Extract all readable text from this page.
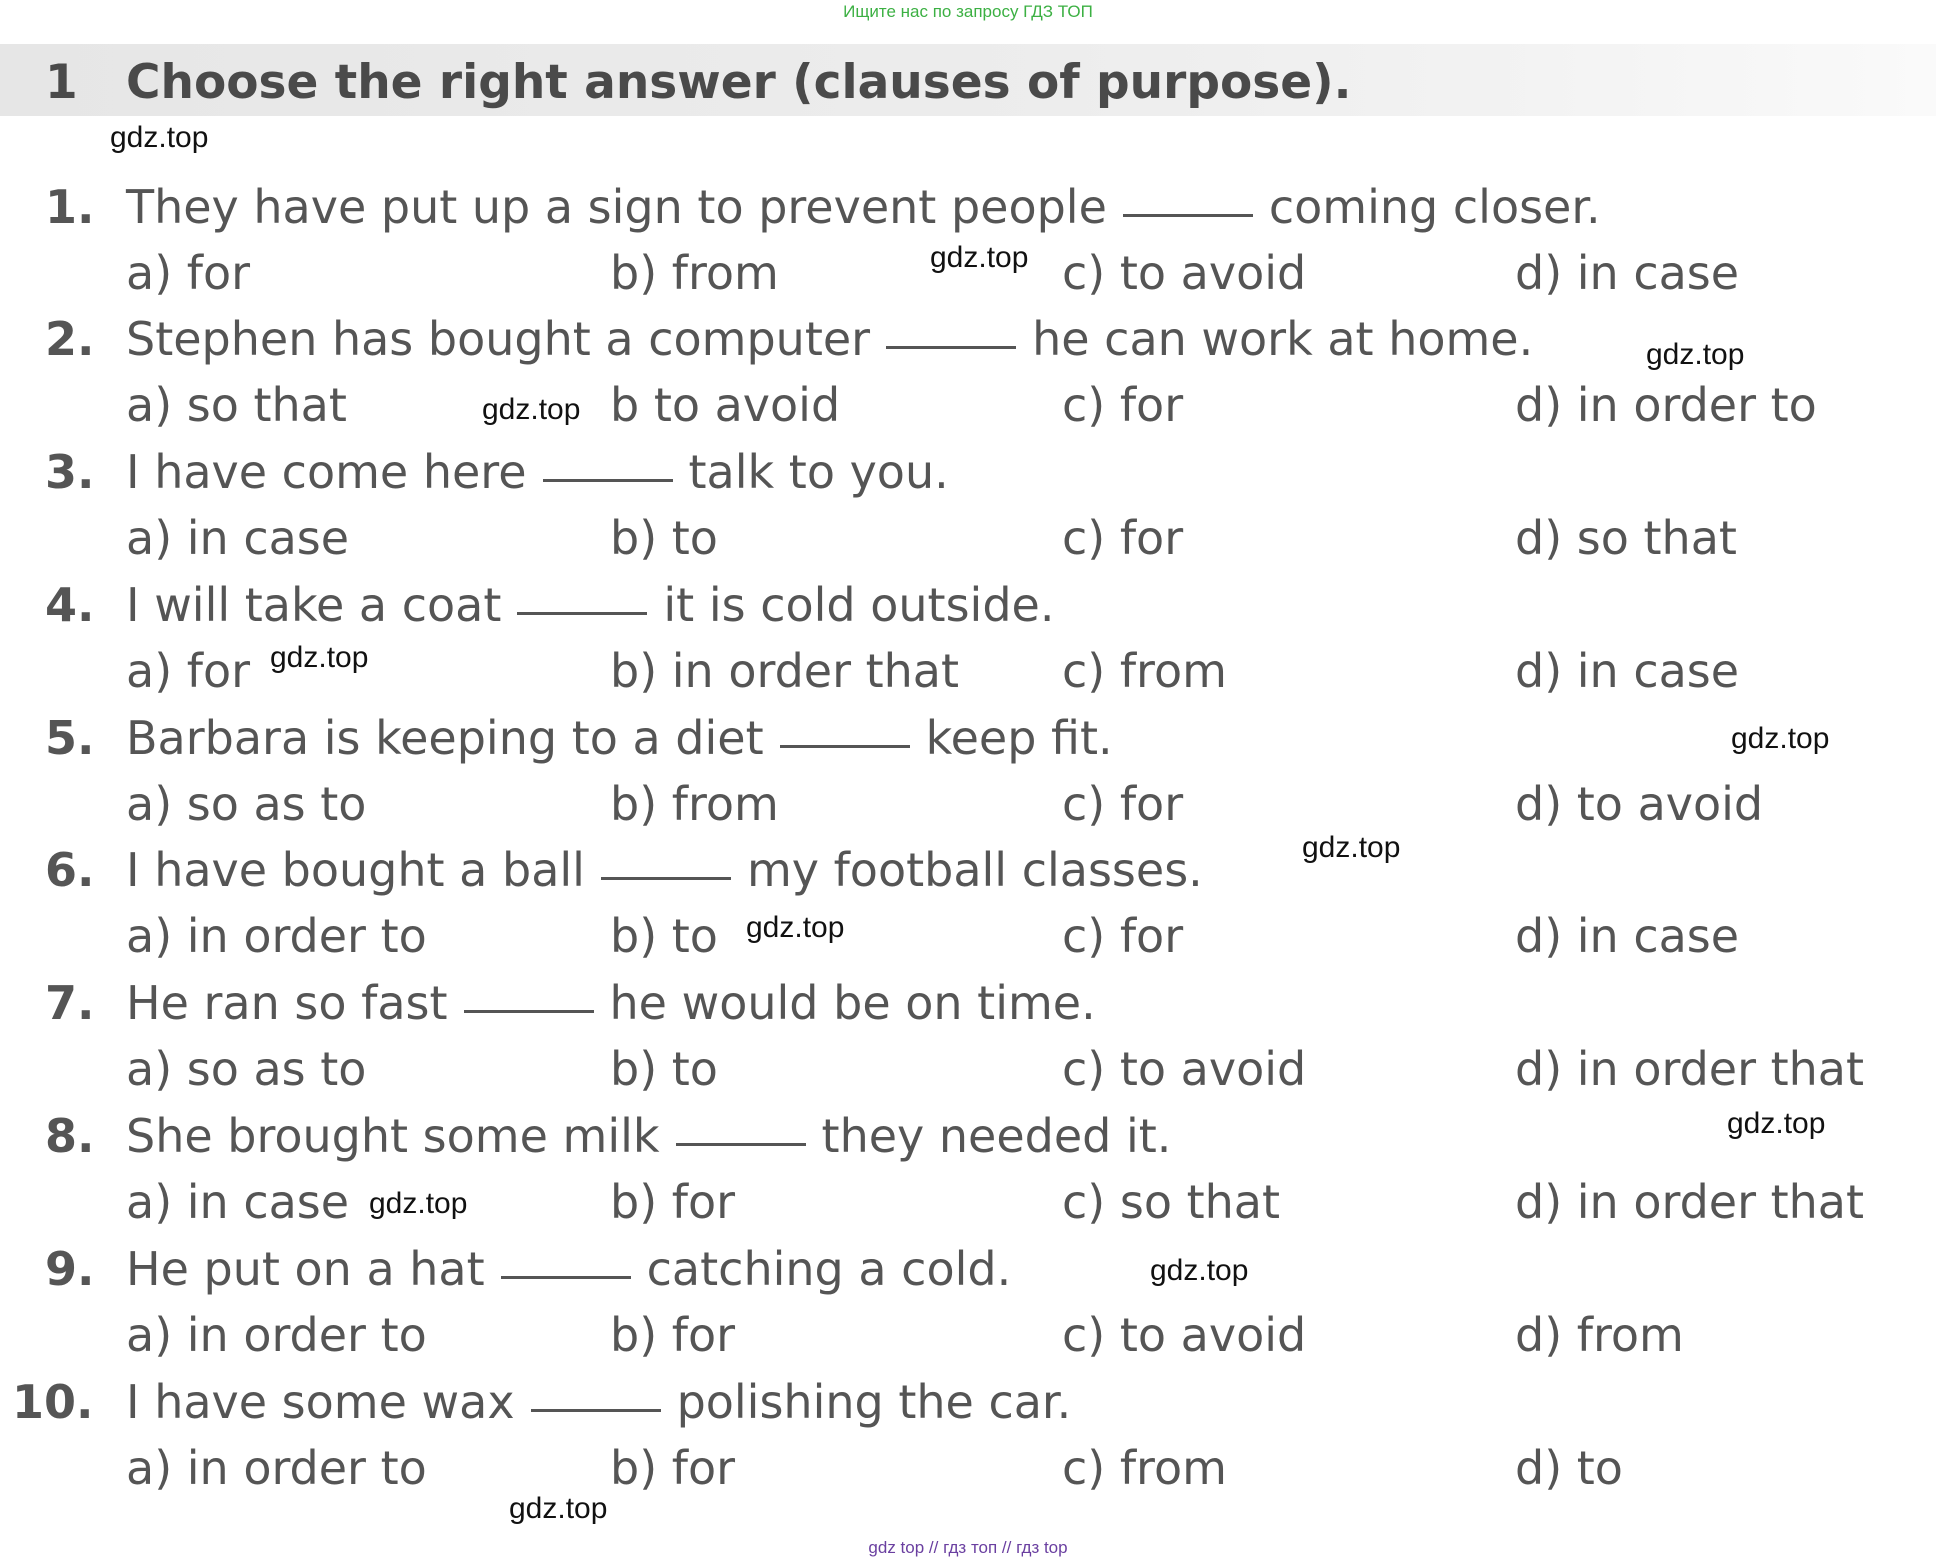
Ищите нас по запросу ГДЗ ТОП
1 Choose the right answer (clauses of purpose).
1. They have put up a sign to prevent people	coming closer.
a) for	b) from	c) to avoid	d) in case
2. Stephen has bought a computer	he can work at home.
a) so that	b to avoid	c) for	d) in order to
3. I have come here	talk to you.
a) in case	b) to	c) for	d) so that
4. I will take a coat	it is cold outside.
a) for	b) in order that c) from	d) in case
5. Barbara is keeping to a diet	keep fit.
a) so as to	b) from	c) for	d) to avoid
6. I have bought a ball	my football classes.
a) in order to	b) to	c) for	d) in case
7. He ran so fast	he would be on time.
a) so as to	b) to	c) to avoid	d) in order that
8. She brought some milk	they needed it.
a) in case	b) for	c) so that	d) in order that
9. He put on a hat	catching a cold.
a) in order to	b) for	c) to avoid	d) from
10. I have some wax	polishing the car.
a) in order to	b) for	c) from	d) to
gdz.top
gdz.top
gdz.top
gdz.top
gdz.top
gdz.top
gdz.top
gdz.top
gdz.top
gdz.top
gdz.top
gdz.top
gdz top // гдз топ // гдз top
